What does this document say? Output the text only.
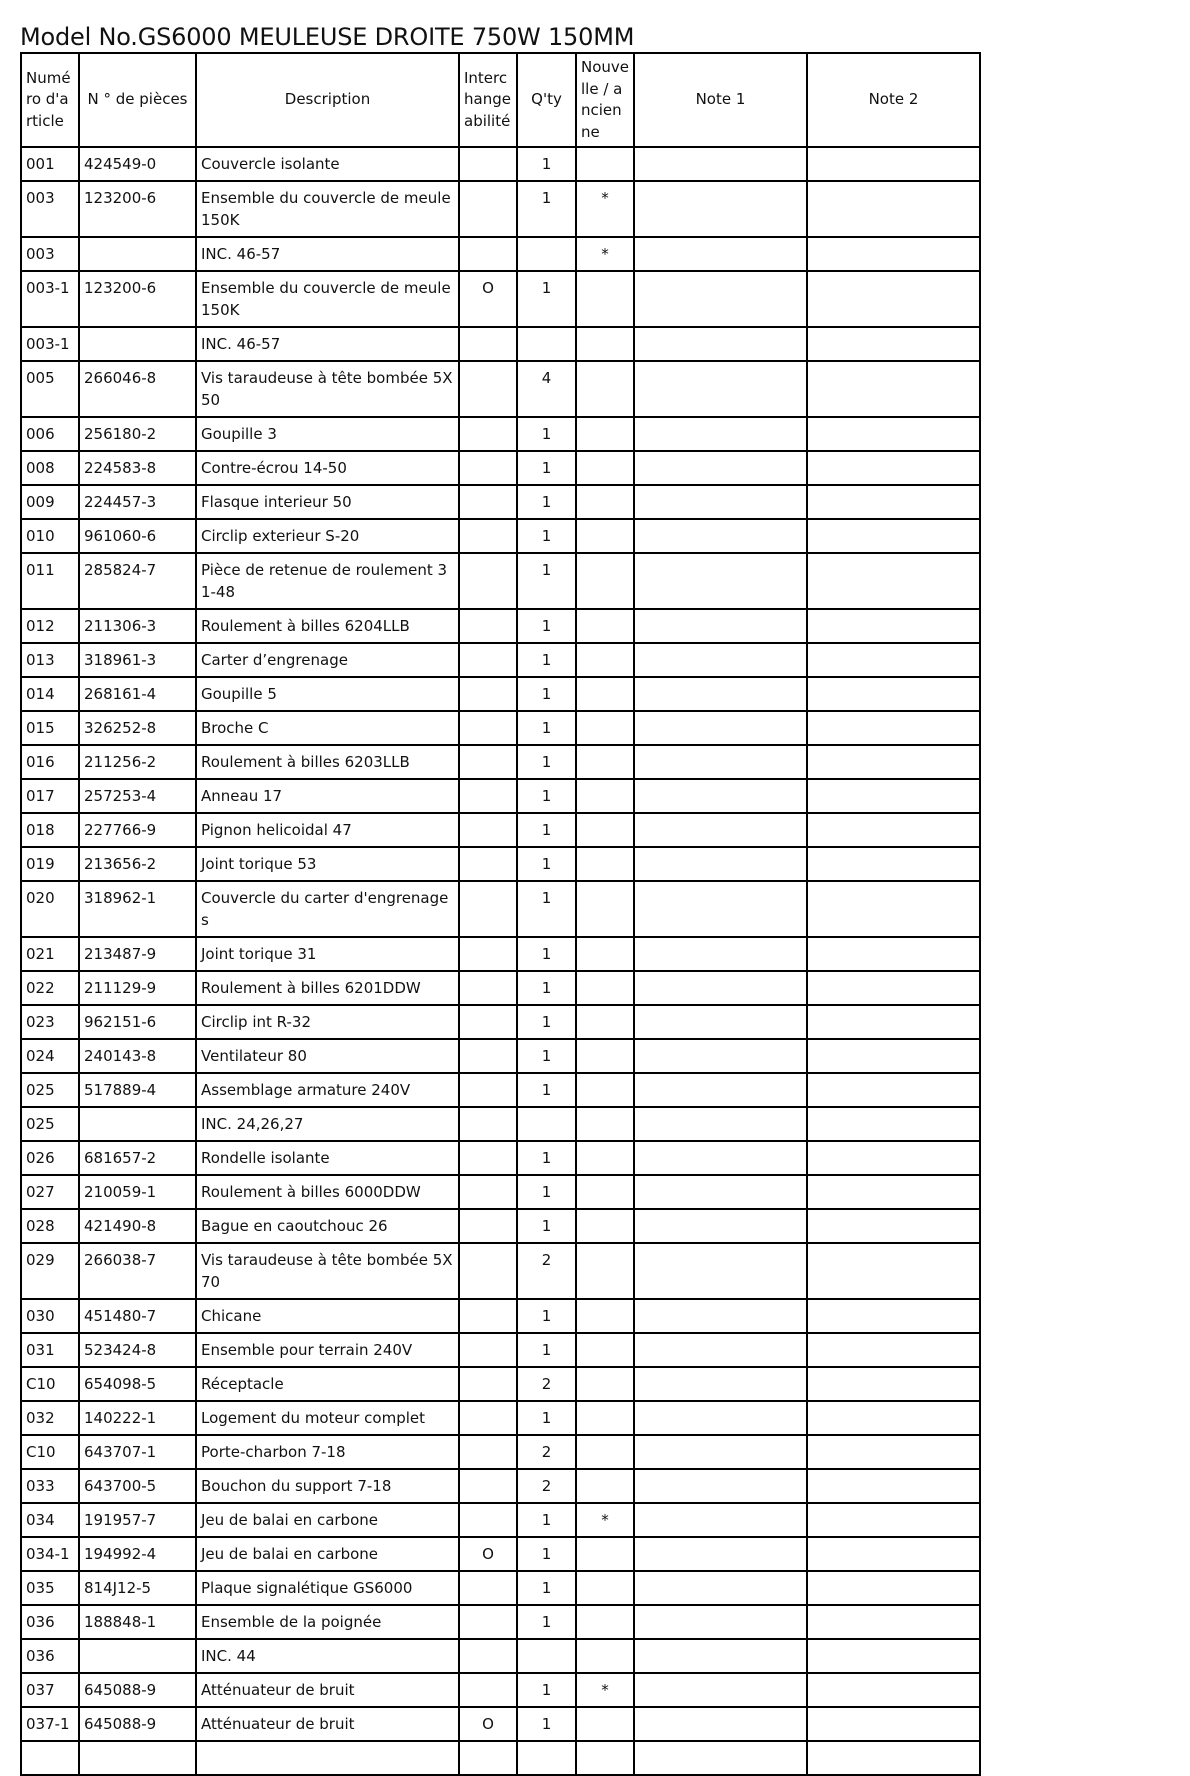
Model No.GS6000 MEULEUSE DROITE 750W 150MM
Numéro d'article	N ° de pièces	Description	Interchangeabilité	Q'ty	Nouvelle / ancienne	Note 1	Note 2
001	424549-0	Couvercle isolante		1			
003	123200-6	Ensemble du couvercle de meule 150K		1	*		
003		INC. 46-57			*		
003-1	123200-6	Ensemble du couvercle de meule 150K	O	1			
003-1		INC. 46-57					
005	266046-8	Vis taraudeuse à tête bombée 5X50		4			
006	256180-2	Goupille 3		1			
008	224583-8	Contre-écrou 14-50		1			
009	224457-3	Flasque interieur 50		1			
010	961060-6	Circlip exterieur S-20		1			
011	285824-7	Pièce de retenue de roulement 31-48		1			
012	211306-3	Roulement à billes 6204LLB		1			
013	318961-3	Carter d’engrenage		1			
014	268161-4	Goupille 5		1			
015	326252-8	Broche C		1			
016	211256-2	Roulement à billes 6203LLB		1			
017	257253-4	Anneau 17		1			
018	227766-9	Pignon helicoidal 47		1			
019	213656-2	Joint torique 53		1			
020	318962-1	Couvercle du carter d'engrenages		1			
021	213487-9	Joint torique 31		1			
022	211129-9	Roulement à billes 6201DDW		1			
023	962151-6	Circlip int R-32		1			
024	240143-8	Ventilateur 80		1			
025	517889-4	Assemblage armature 240V		1			
025		INC. 24,26,27					
026	681657-2	Rondelle isolante		1			
027	210059-1	Roulement à billes 6000DDW		1			
028	421490-8	Bague en caoutchouc 26		1			
029	266038-7	Vis taraudeuse à tête bombée 5X70		2			
030	451480-7	Chicane		1			
031	523424-8	Ensemble pour terrain 240V		1			
C10	654098-5	Réceptacle		2			
032	140222-1	Logement du moteur complet		1			
C10	643707-1	Porte-charbon 7-18		2			
033	643700-5	Bouchon du support 7-18		2			
034	191957-7	Jeu de balai en carbone		1	*		
034-1	194992-4	Jeu de balai en carbone	O	1			
035	814J12-5	Plaque signalétique GS6000		1			
036	188848-1	Ensemble de la poignée		1			
036		INC. 44					
037	645088-9	Atténuateur de bruit		1	*		
037-1	645088-9	Atténuateur de bruit	O	1			
